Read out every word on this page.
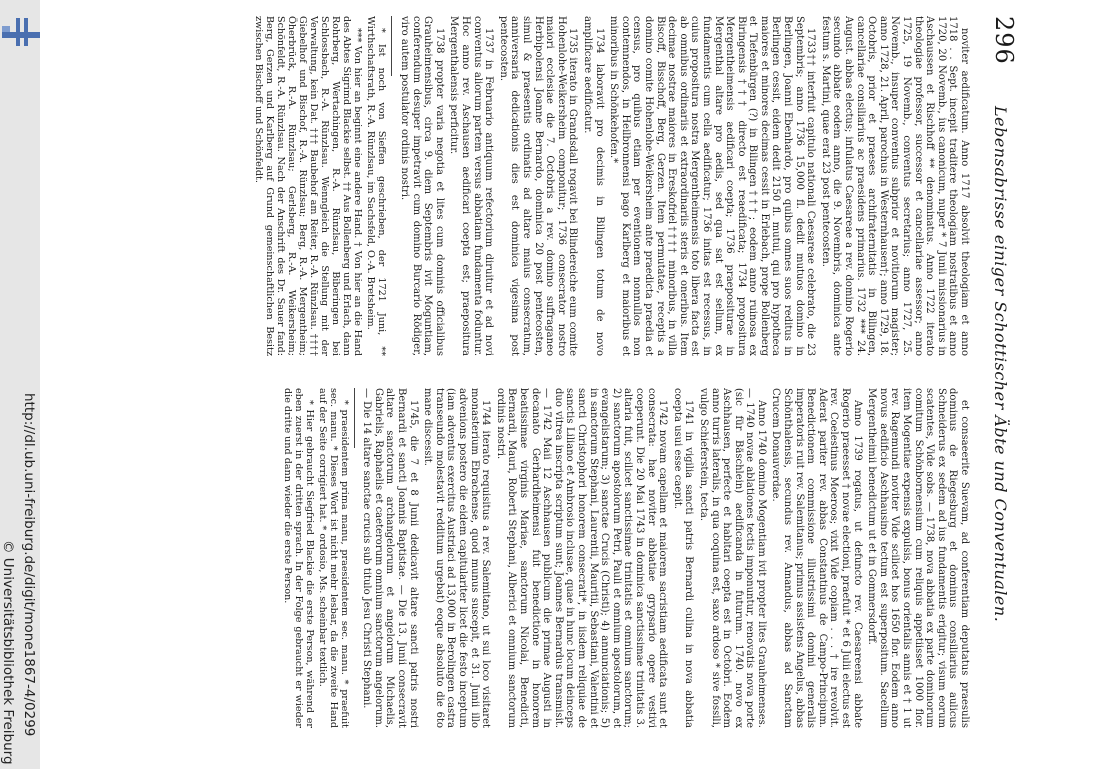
http://dl.ub.uni-freiburg.de/digit/mone1867-4/0299
© Universitätsbibliothek Freiburg
296
Lebensabrisse einiger Schottischer Äbte und Conventualen.

noviter aedificatum. Anno 1717 absolvit theologiam et anno 1718 . . Sept. incepit traditere theologiam nostratibus et anno 1720, 20 Novemb., ius canonicum, nuper * 7 Junii missionarius in Aschaussen et Rischhoff ** denominatus. Anno 1722 iterato theologiae professor, successor et cancellariae assessor; anno 1725, 19 Novemb., conventus secretarius; anno 1727, 25. Novemb., insuper conventus subprior et novitiorum magister; anno 1728, 21. April, parochus in Westernhausen†; anno 1729, 18. Octobris, prior et praeses archifraternitatis in Bilingen, cancellariae consiliarius ac praesidens primarius. 1732 *** 24. August. abbas electus; infulatus Caesareae a rev. domino Rogerio secundo abbate eodem anno, die 9. Novembris, dominica ante festum s. Martini, quae erat 23 post pentecosten.

1733†† interfuit capitulo nationali Caesareae celebrato, die 23 Septembris; anno 1736 15,000 fl. dedit mutuos domino in Berlingen, Joanni Ebenhardo, pro quibus omnes suos reditus in Berlingen cessit, eidem dedit 2150 fl. mutui, qui pro hypotheca maiores et minores decimas cessit in Erlebach, prope Bollenberg et Tiefenbürgen (?) in Bilingen†††; eodem anno ruinosa ex Biringensis††† directo est reaedificata; 1734 propositura Mergentheimensis aedificari coepta; 1736 praepositurae in Mergenthal altare pro aedis, sed qua sat est sellum, ex fundamentis cum cella aedificatur; 1736 initas est recessus, in cuius propositura nostra Mergentheimensis toto libera facta est ab omnibus ordinariis et extraordinariis steris et oneribus. Item decimae nostrae maiores in Ereskofriel†††† minoribus, in villa Biscoff, Bisschoff, Berg, Gerzen. Item permutatae, receptis a domino comite Hohenlohe-Weikersheim ante praedicta praedia et census, pro quibus etiam per eventionem nonnullos non contemnendos, in Heilbronnensi pago Karlberg et maioribus et minoribus in Schönkehofen.*

1734 laboravit pro decimis in Bilingen totum de novo amplificare aedificatur.

1735 iterato in Grandsdall rogavit bei Blindereiche eum comite Hohenlohe-Weikersheim componitur; 1736 consecrator nostro maiori ecclesiae die 7. Octobris a rev. domino suffraganeo Herbipolensi Joanne Bernardo, dominica 20 post pentecosten, simul & praesentis ordinatis ad altare maius consecratum, anniversaria dedicationis dies est dominica vigesima post pentecosten.

1737 in Februario antiquum refectorium diruitur et ad novi conventus aliorum partem versus abbatiam fundamenta foduntur. Hoc anno rev. Aschausen aedificari coepta est; praepositura Mergenthalensis perficitur.

1738 propter varia negotia et lites cum dominis officialibus Grauheimensibus, circa 9. diem Septembris ivit Moguntiam, conferendum desuper impetravit cum domino Burcario Rödiger, viro autem postulator ordinis nostri.

* Ist noch von Sieffen geschrieben, der 1721 Juni, ** Wirthschaftsrath, R.-A. Rünzlsau, im Sachsfeld, O.-A. Bretsheim.

*** Von hier an beginnt eine andere Hand. † Von hier an die Hand des Abtes Sigrimd Blackie selbst. †† Aus Bollenberg und Erlach, dann Rohrberg, Wertachingen, R.-A. Rünzlsau, Biberingen bei Schlossbach, R.-A. Rünzlsau. Wenngleich die Stellung mit der Verwaltung, kein Dat. ††† Baubehof am Reiter, R.-A. Rünzlsau. †††† Giebelhof und Bischof, R.-A. Rünzlsau; Berg, R.-A. Mergentheim; Öherbrück, R.-A. Rünzlsau; Gerlsberg, R.-A. Weikersheim; Schönfeldt, R.-A. Rünzlsau. Nach der Anschrift des Dr. Sauer fand: Berg, Gerzen und Karlberg auf Grund gemeinschaftlichen Besitz zwischen Bischoff und Schönfeldt.

et consaeerite Suevam, ad conferentiam deputatus praesulis dominus de Riegesburg et dominus consiliarius aulicus Schneiderus ex sedem ad ius fundamentis erigitur; visum eorum scatentes, Vide sobs. — 1738, nova abbatia ex parte dominorum comitum Schönbornensium cum reliquis appetiisset 1000 flor. item Mogentiae expensis expulsis, bonus orientalis annis et † 1 ut rev. Ragemundi noviter Vide scilicet hos 1650 flor. Eodem anno novus aedificio Aschhausino tectum est superpositum. Sacellum Mergentheimii benedictum ut et in Gommersdorff.

Anno 1739 rogatus, ut defuncto rev. Caesareensi abbate Rogerio praeesset † novae electioni, praefuit * et 6 Julii electus est rev. Coelestinus Moeroos; vixit Vide copiam . . . † ire revolvit. Aderat pariter rev. abbas Constantinus de Campo-Principum. Benedictionem commissione illustrissimi domini generalis imperatoris ruit rev. Salemitanus; primus assistens Angelus, abbas Schönthalensis, secundus rev. Amandus, abbas ad Sanctam Crucem Donauverdae.

Anno 1740 domino Mogentiam ivit propter lites Grauheimenses. — 1740 novae ablationes tectis imponuntur, renovatis nova porte (sic für Bäschlein) aedificanda in futurum. 1740. novo ex Aschhausen, perfecte et habitari coepta est in Octobri. Eodem anno turris lateralis, in qua coquina est, saxo ardoso * sive fossili, vulgo Schieferstein, tecta.

1741 in vigilia sancti patris Bernardi culina in nova abbatia coepta usui esse caepit.

1742 novam capellam et maiorem sacristiam aedificata sunt et consecrata: hae noviter abbatiae grypsario opere vestivi coeperunt. Die 20 Mai 1743 in dominica sanctissimae trinitatis 3. altaria fuit, scilicet sanctissimae trinitatis et omnium sanctorum; 2) sanctorum apostolorum Petri, Pauli et omnium apostolorum, et evangelistarum; 3) sanctae Crucis (Christi); 4) annunciationis; 5) in sanctorum Stephani, Laurentii, Mauritii, Sebastiani, Valentini et sancti Christophori honorem consecrati*, in iisdem reliquiae de sanctis Liliano et Ambrosio inclusae, quae in hunc locum deinceps duo vitrea inscripta scriptum sunt; Joannes Bernardus transmisit. — 1742 Maii 12 Aschhausen publicum die primae Augusti in decanato Gerhardheimensi fuit benedictione in honorem beatissimae virginis Mariae, sanctorum Nicolai, Benedicti, Bernardi, Mauri, Roberti Stephani, Alberici et omnium sanctorum ordinis nostri.

1744 iterato requisitus a rev. Salemitano, ut sui loco visitaret monasterium Ebrachense, quod munus suscepit, et 31. Junii illo advenions postero die eidem capitulariter licet die festo inceptum (iam adventus exercitus Austriaci ad 13,000 in Berolingen castra transeundo molestavit redditum urgebat) eoque absoluto die 6to mane discessit.

1745, die 7 et 8 Junii dedicavit altare sancti patris nostri Bernardi et sancti Joannis Baptistae. — Die 13. Junii consecravit altare sanctorum archangelorum et angelorum Michaelis, Gabrielis, Raphaelis et caeterorum omnium sanctorum angelorum. — Die 14 altare sanctae crucis sub titulo Jesu Christi Stephani.

* praesidentem prima manu, praesidentem sec. manu. * praefuit sec. manu. * Dieses Wort ist nicht mehr lesbar, da die zweite Hand auf der Seite corrigiert hat. * ordosio, Ms. scheinbar textlich.

* Hier gebraucht Siegfried Blackie die erste Person, während er eben zuerst in der dritten sprach. In der Folge gebraucht er wieder die dritte und dann wieder die erste Person.
